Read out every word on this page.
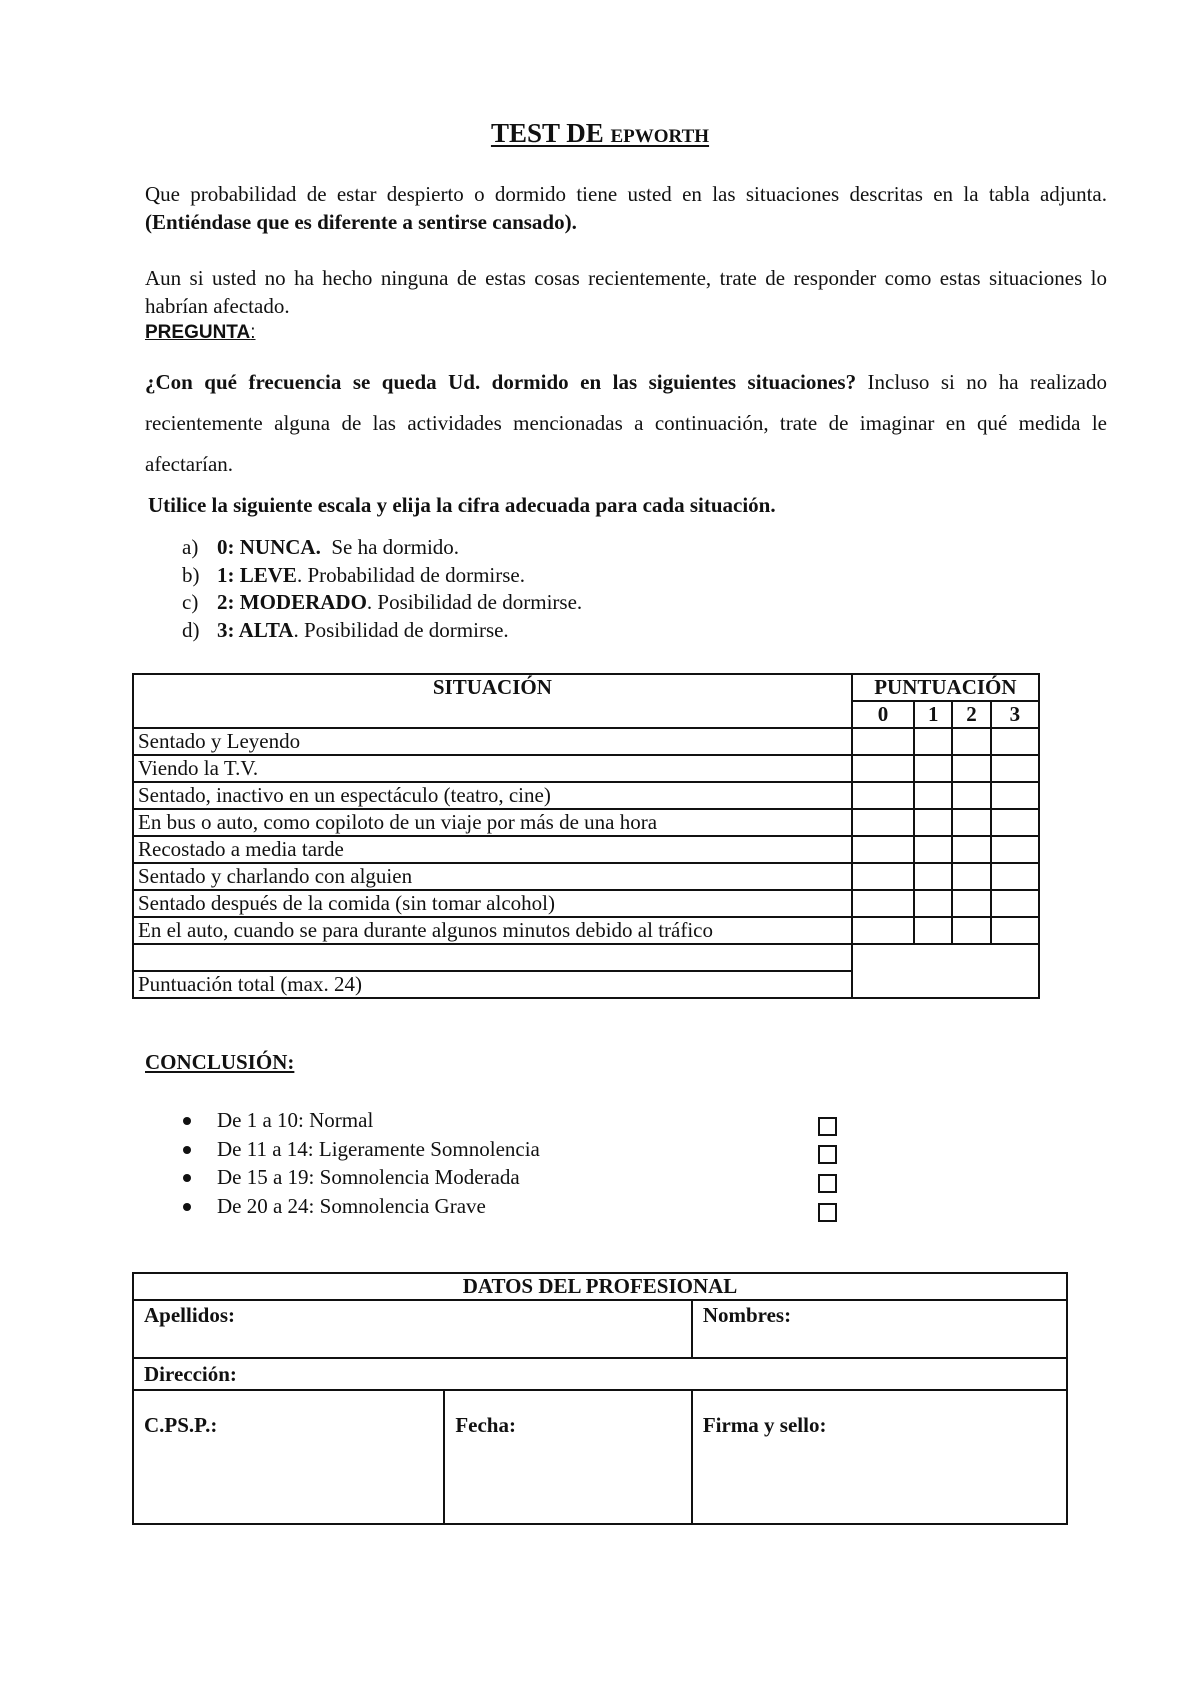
TEST DE epworth
Que probabilidad de estar despierto o dormido tiene usted en las situaciones descritas en la tabla adjunta. (Entiéndase que es diferente a sentirse cansado).
Aun si usted no ha hecho ninguna de estas cosas recientemente, trate de responder como estas situaciones lo habrían afectado.
PREGUNTA:
¿Con qué frecuencia se queda Ud. dormido en las siguientes situaciones? Incluso si no ha realizado recientemente alguna de las actividades mencionadas a continuación, trate de imaginar en qué medida le afectarían.
Utilice la siguiente escala y elija la cifra adecuada para cada situación.
a) 0: NUNCA.  Se ha dormido.
b) 1: LEVE. Probabilidad de dormirse.
c) 2: MODERADO. Posibilidad de dormirse.
d) 3: ALTA. Posibilidad de dormirse.
SITUACIÓN	PUNTUACIÓN			
	0	1	2	3
Sentado y Leyendo				
Viendo la T.V.				
Sentado, inactivo en un espectáculo (teatro, cine)				
En bus o auto, como copiloto de un viaje por más de una hora				
Recostado a media tarde				
Sentado y charlando con alguien				
Sentado después de la comida (sin tomar alcohol)				
En el auto, cuando se para durante algunos minutos debido al tráfico				

Puntuación total (max. 24)				
CONCLUSIÓN:
De 1 a 10: Normal
De 11 a 14: Ligeramente Somnolencia
De 15 a 19: Somnolencia Moderada
De 20 a 24: Somnolencia Grave
DATOS DEL PROFESIONAL		
Apellidos:		Nombres:
Dirección:		
C.PS.P.:	Fecha:	Firma y sello:
